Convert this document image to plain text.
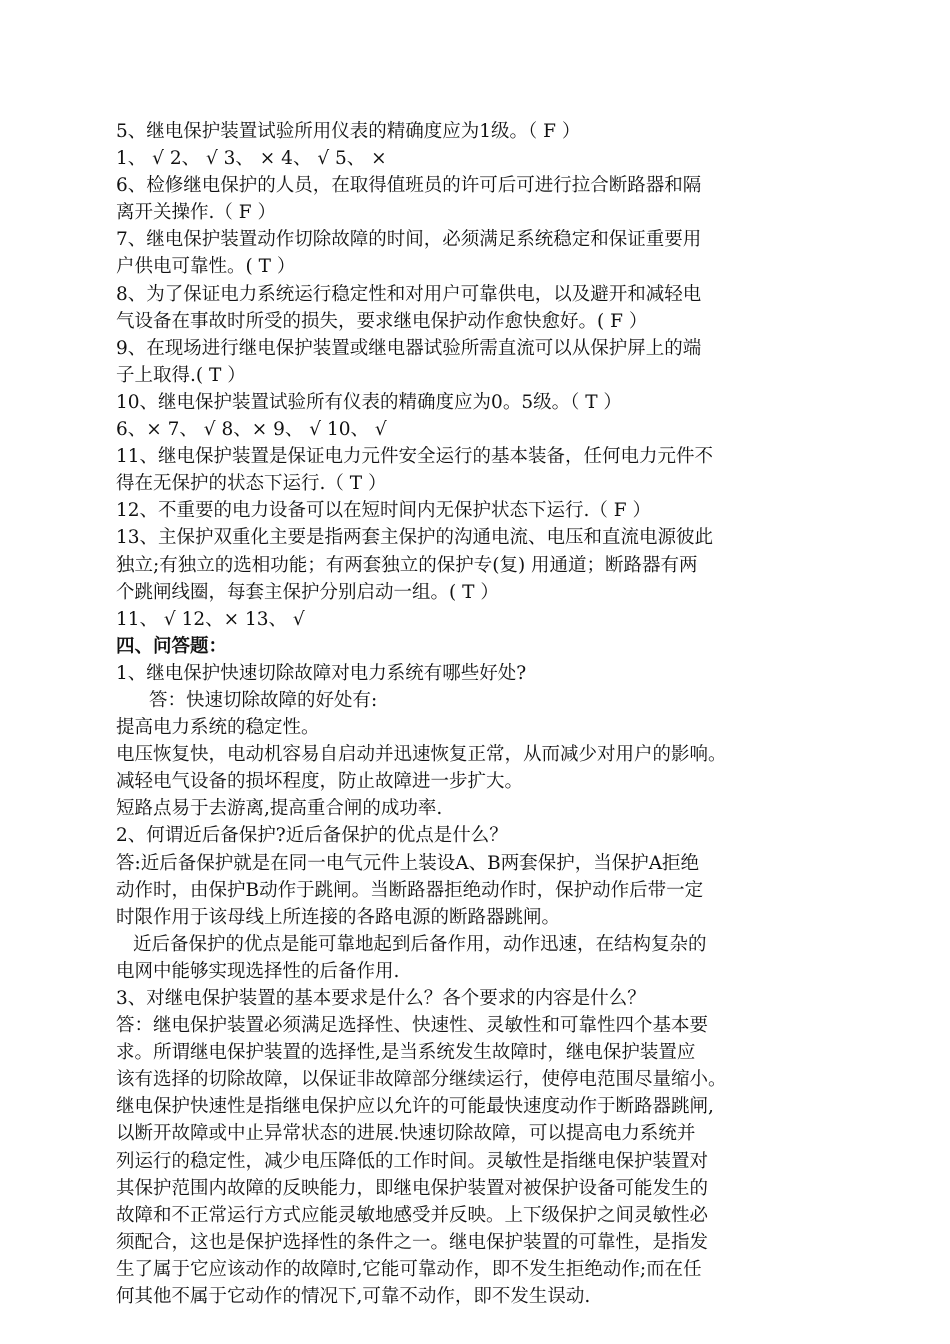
5、继电保护装置试验所用仪表的精确度应为1级。（ F ）
1、 √ 2、 √ 3、 × 4、 √ 5、 ×
6、检修继电保护的人员，在取得值班员的许可后可进行拉合断路器和隔
离开关操作.（ F ）
7、继电保护装置动作切除故障的时间，必须满足系统稳定和保证重要用
户供电可靠性。( T ）
8、为了保证电力系统运行稳定性和对用户可靠供电，以及避开和减轻电
气设备在事故时所受的损失，要求继电保护动作愈快愈好。( F ）
9、在现场进行继电保护装置或继电器试验所需直流可以从保护屏上的端
子上取得.( T ）
10、继电保护装置试验所有仪表的精确度应为0。5级。（ T ）
6、× 7、 √ 8、× 9、 √ 10、 √
11、继电保护装置是保证电力元件安全运行的基本装备，任何电力元件不
得在无保护的状态下运行.（ T ）
12、不重要的电力设备可以在短时间内无保护状态下运行.（ F ）
13、主保护双重化主要是指两套主保护的沟通电流、电压和直流电源彼此
独立;有独立的选相功能；有两套独立的保护专(复) 用通道；断路器有两
个跳闸线圈，每套主保护分别启动一组。( T ）
11、 √ 12、× 13、 √
四、问答题：
1、继电保护快速切除故障对电力系统有哪些好处?
答：快速切除故障的好处有:
提高电力系统的稳定性。
电压恢复快，电动机容易自启动并迅速恢复正常，从而减少对用户的影响。
减轻电气设备的损坏程度，防止故障进一步扩大。
短路点易于去游离,提高重合闸的成功率.
2、何谓近后备保护?近后备保护的优点是什么？
答:近后备保护就是在同一电气元件上装设A、B两套保护，当保护A拒绝
动作时，由保护B动作于跳闸。当断路器拒绝动作时，保护动作后带一定
时限作用于该母线上所连接的各路电源的断路器跳闸。
近后备保护的优点是能可靠地起到后备作用，动作迅速，在结构复杂的
电网中能够实现选择性的后备作用.
3、对继电保护装置的基本要求是什么？各个要求的内容是什么？
答：继电保护装置必须满足选择性、快速性、灵敏性和可靠性四个基本要
求。所谓继电保护装置的选择性,是当系统发生故障时，继电保护装置应
该有选择的切除故障，以保证非故障部分继续运行，使停电范围尽量缩小。
继电保护快速性是指继电保护应以允许的可能最快速度动作于断路器跳闸,
以断开故障或中止异常状态的进展.快速切除故障，可以提高电力系统并
列运行的稳定性，减少电压降低的工作时间。灵敏性是指继电保护装置对
其保护范围内故障的反映能力，即继电保护装置对被保护设备可能发生的
故障和不正常运行方式应能灵敏地感受并反映。上下级保护之间灵敏性必
须配合，这也是保护选择性的条件之一。继电保护装置的可靠性，是指发
生了属于它应该动作的故障时,它能可靠动作，即不发生拒绝动作;而在任
何其他不属于它动作的情况下,可靠不动作，即不发生误动.
